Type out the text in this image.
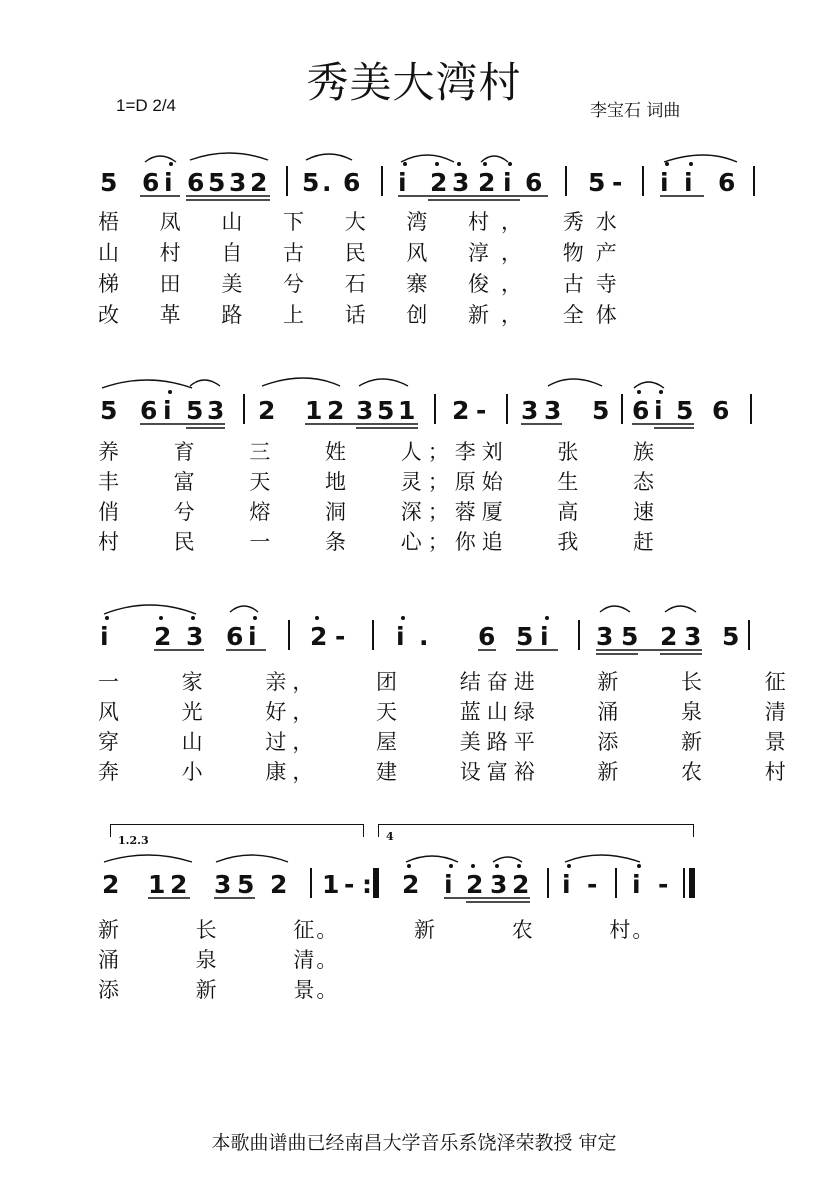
秀美大湾村
1=D 2/4	李宝石 词曲
5 6 i 6 5 3 2 5 . 6 i 2 3 2 i 6 5 - i i 6
梧 凤 山 下 大 湾 村， 秀水
山 村 自 古 民 风 淳， 物产
梯 田 美 兮 石 寨 俊， 古寺
改 革 路 上 话 创 新， 全体
5 6 i 5 3 2 1 2 3 5 1 2 - 3 3 5 6 i 5 6
养 育 三 姓 人；李刘 张 族
丰 富 天 地 灵；原始 生 态
俏 兮 熔 洞 深；蓉厦 高 速
村 民 一 条 心；你追 我 赶
i 2 3 6 i 2 - i . 6 5 i 3 5 2 3 5
一 家 亲， 团 结奋进 新 长 征
风 光 好， 天 蓝山绿 涌 泉 清
穿 山 过， 屋 美路平 添 新 景
奔 小 康， 建 设富裕 新 农 村
1.2.3	4
2 1 2 3 5 2 1 - : 2 i 2 3 2 i - i -
新 长 征。 新 农 村。
涌 泉 清。
添 新 景。
本歌曲谱曲已经南昌大学音乐系饶泽荣教授 审定
